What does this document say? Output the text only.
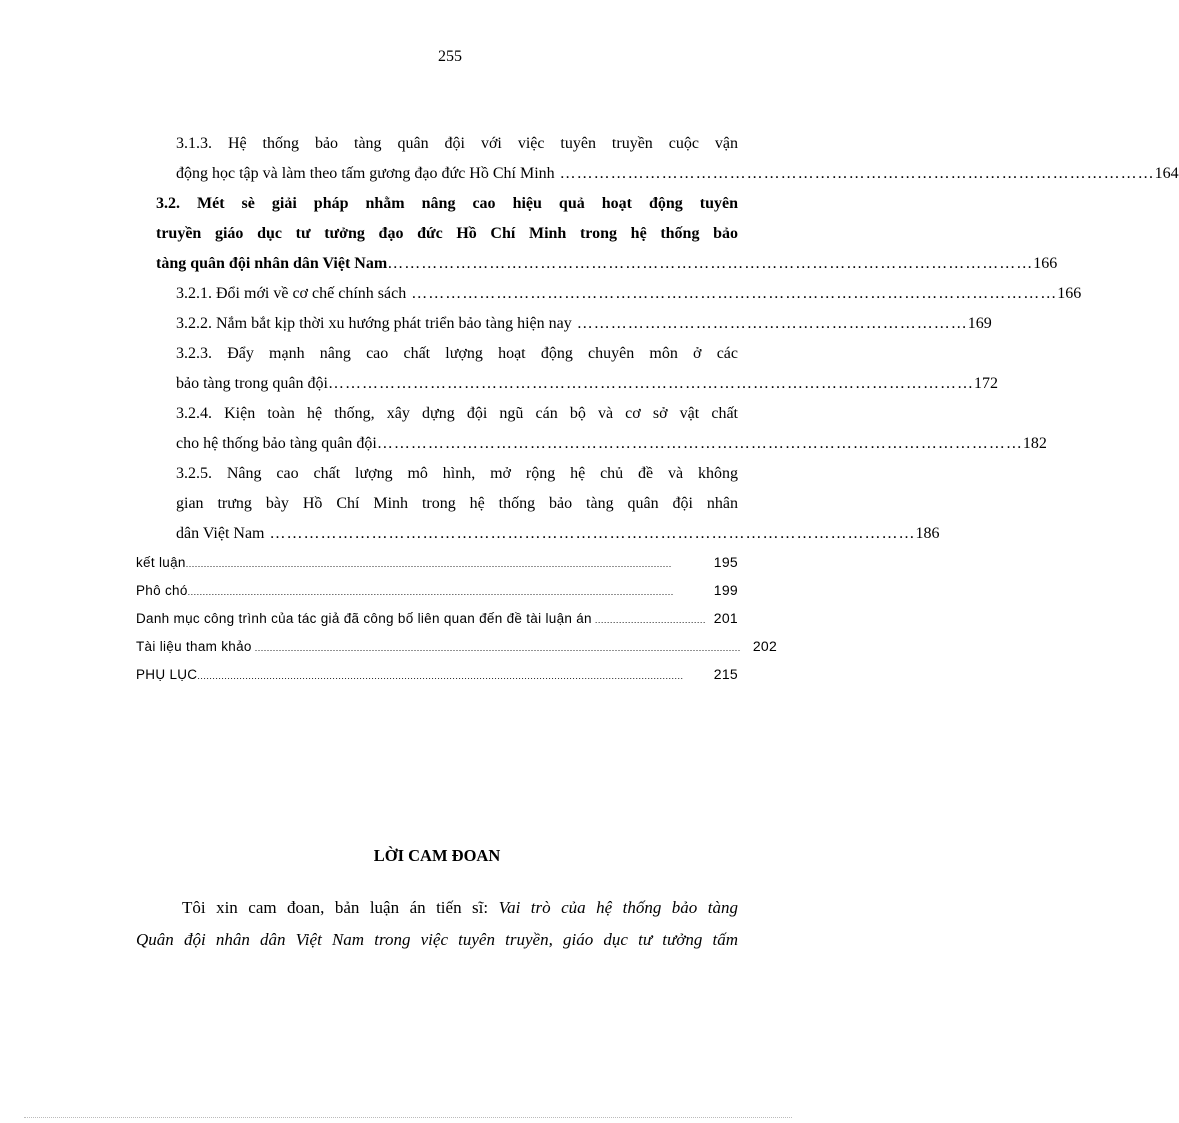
255
3.1.3. Hệ thống bảo tàng quân đội với việc tuyên truyền cuộc vận
động học tập và làm theo tấm gương đạo đức Hồ Chí Minh …………………………………………………………………………………………… 164
3.2. Mét sè giải pháp nhằm nâng cao hiệu quả hoạt động tuyên
truyền giáo dục tư tưởng đạo đức Hồ Chí Minh trong hệ thống bảo
tàng quân đội nhân dân Việt Nam …………………………………………………………………………………………………… 166
3.2.1. Đổi mới về cơ chế chính sách …………………………………………………………………………………………………… 166
3.2.2. Nắm bắt kịp thời xu hướng phát triển bảo tàng hiện nay …………………………………………………………… 169
3.2.3. Đẩy mạnh nâng cao chất lượng hoạt động chuyên môn ở các
bảo tàng trong quân đội …………………………………………………………………………………………………… 172
3.2.4. Kiện toàn hệ thống, xây dựng đội ngũ cán bộ và cơ sở vật chất
cho hệ thống bảo tàng quân đội …………………………………………………………………………………………………… 182
3.2.5. Nâng cao chất lượng mô hình, mở rộng hệ chủ đề và không
gian trưng bày Hồ Chí Minh trong hệ thống bảo tàng quân đội nhân
dân Việt Nam …………………………………………………………………………………………………… 186
kết luận ..................................................................................................................................................................	195
Phô chó ..................................................................................................................................................................	199
Danh mục công trình của tác giả đã công bố liên quan đến đề tài luận án ..................................... 201
Tài liệu tham khảo .................................................................................................................................................................. 202
PHỤ LỤC ..................................................................................................................................................................	215
LỜI CAM ĐOAN
Tôi xin cam đoan, bản luận án tiến sĩ: Vai trò của hệ thống bảo tàng
Quân đội nhân dân Việt Nam trong việc tuyên truyền, giáo dục tư tưởng tấm
